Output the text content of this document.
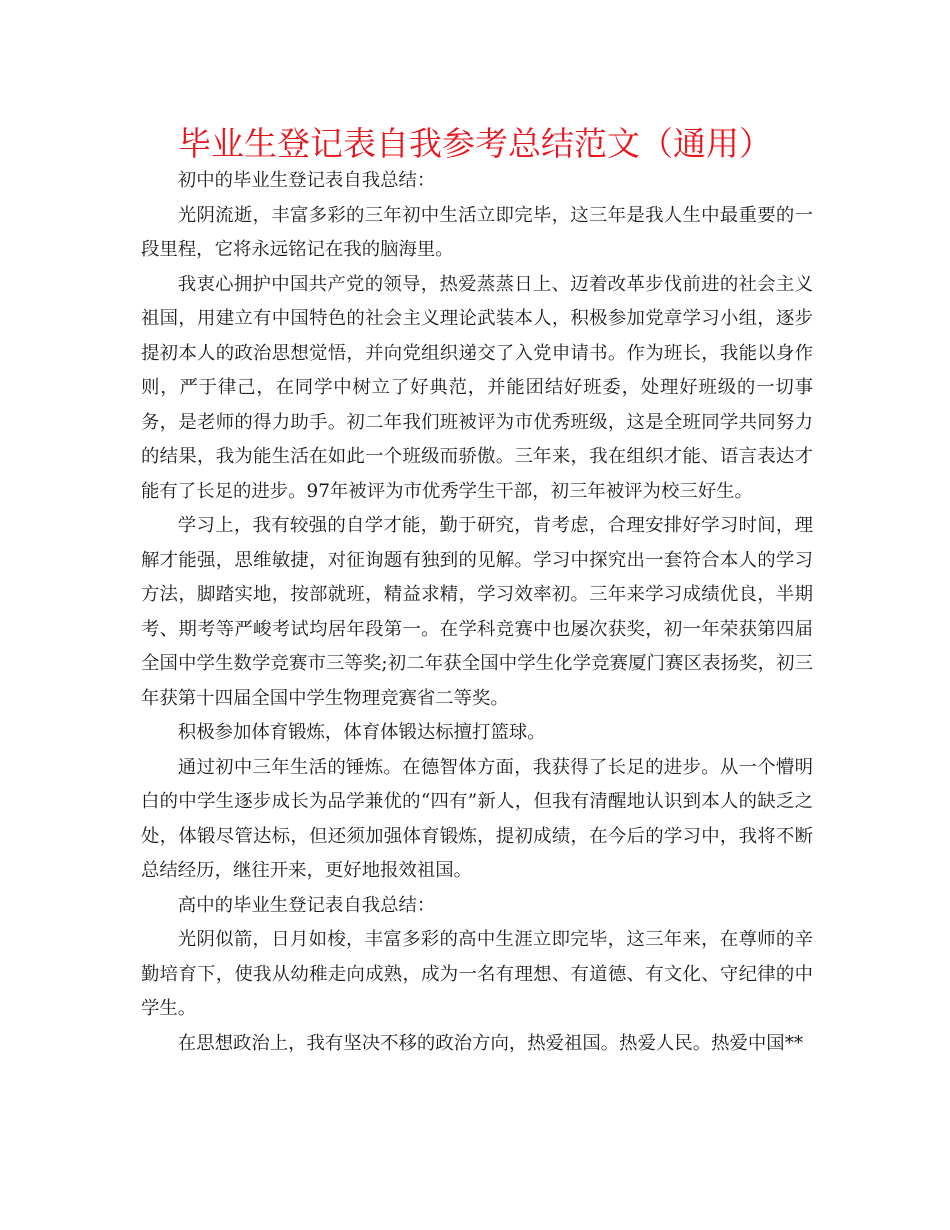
毕业生登记表自我参考总结范文（通用）

初中的毕业生登记表自我总结：

光阴流逝，丰富多彩的三年初中生活立即完毕，这三年是我人生中最重要的一段里程，它将永远铭记在我的脑海里。

我衷心拥护中国共产党的领导，热爱蒸蒸日上、迈着改革步伐前进的社会主义祖国，用建立有中国特色的社会主义理论武装本人，积极参加党章学习小组，逐步提初本人的政治思想觉悟，并向党组织递交了入党申请书。作为班长，我能以身作则，严于律己，在同学中树立了好典范，并能团结好班委，处理好班级的一切事务，是老师的得力助手。初二年我们班被评为市优秀班级，这是全班同学共同努力的结果，我为能生活在如此一个班级而骄傲。三年来，我在组织才能、语言表达才能有了长足的进步。97年被评为市优秀学生干部，初三年被评为校三好生。

学习上，我有较强的自学才能，勤于研究，肯考虑，合理安排好学习时间，理解才能强，思维敏捷，对征询题有独到的见解。学习中探究出一套符合本人的学习方法，脚踏实地，按部就班，精益求精，学习效率初。三年来学习成绩优良，半期考、期考等严峻考试均居年段第一。在学科竞赛中也屡次获奖，初一年荣获第四届全国中学生数学竞赛市三等奖;初二年获全国中学生化学竞赛厦门赛区表扬奖，初三年获第十四届全国中学生物理竞赛省二等奖。

积极参加体育锻炼，体育体锻达标擅打篮球。

通过初中三年生活的锤炼。在德智体方面，我获得了长足的进步。从一个懵明白的中学生逐步成长为品学兼优的“四有”新人，但我有清醒地认识到本人的缺乏之处，体锻尽管达标，但还须加强体育锻炼，提初成绩，在今后的学习中，我将不断总结经历，继往开来，更好地报效祖国。

高中的毕业生登记表自我总结：

光阴似箭，日月如梭，丰富多彩的高中生涯立即完毕，这三年来，在尊师的辛勤培育下，使我从幼稚走向成熟，成为一名有理想、有道德、有文化、守纪律的中学生。

在思想政治上，我有坚决不移的政治方向，热爱祖国。热爱人民。热爱中国**
